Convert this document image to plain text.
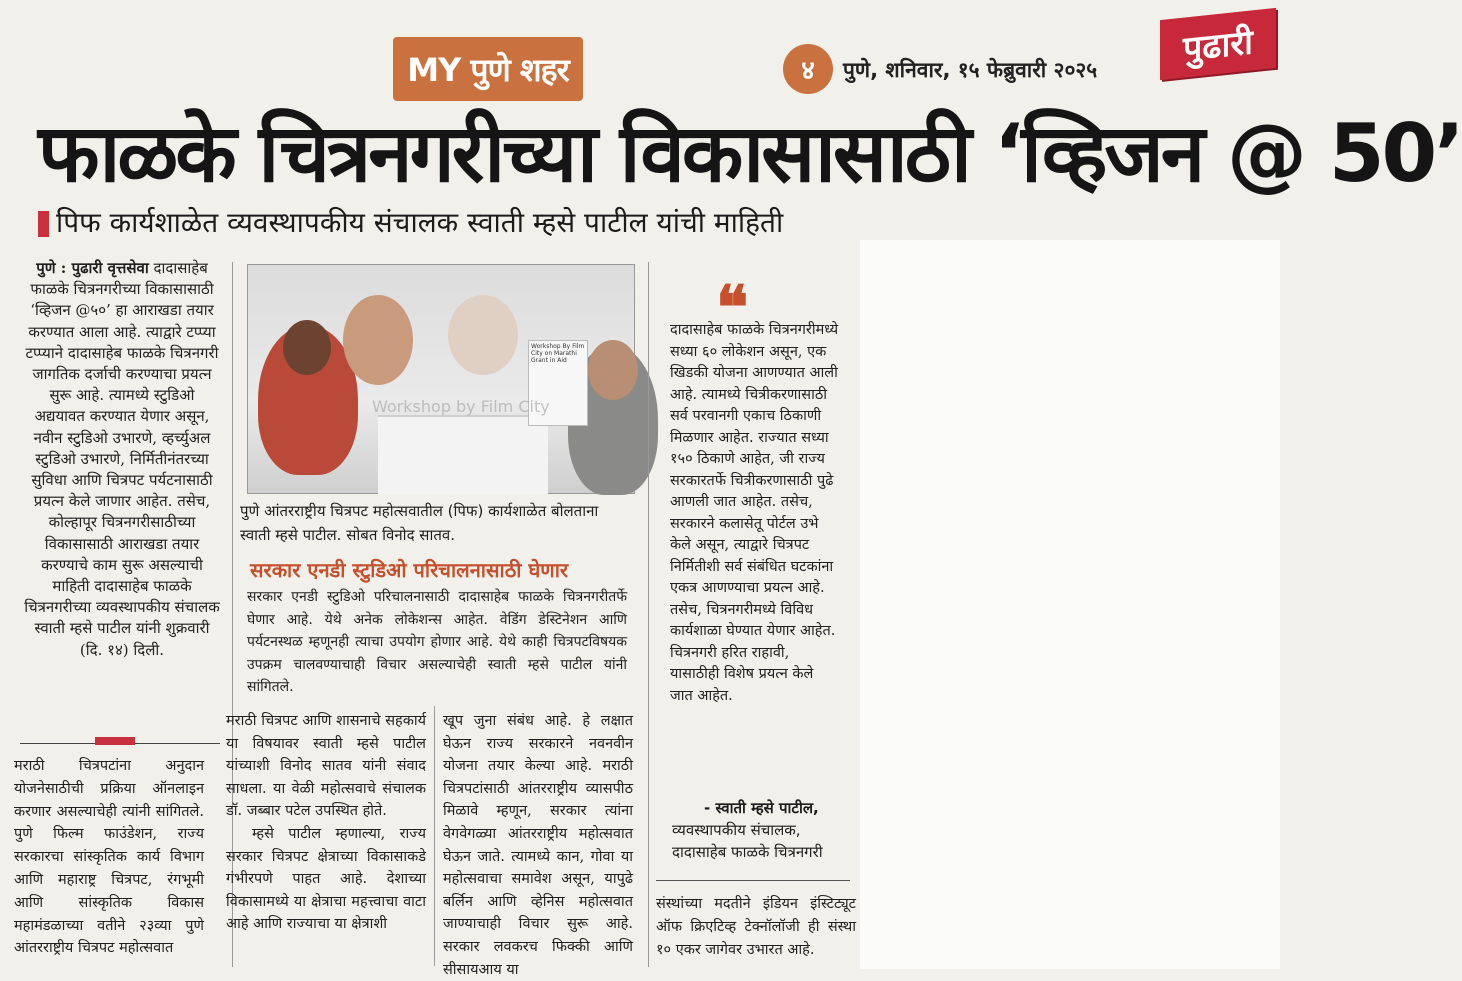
MY पुणे शहर	४	पुणे, शनिवार, १५ फेब्रुवारी २०२५
पुढारी
फाळके चित्रनगरीच्या विकासासाठी ‘व्हिजन @ 50’
पिफ कार्यशाळेत व्यवस्थापकीय संचालक स्वाती म्हसे पाटील यांची माहिती
पुणे : पुढारी वृत्तसेवा दादासाहेब फाळके चित्रनगरीच्या विकासासाठी ‘व्हिजन @५०’ हा आराखडा तयार करण्यात आला आहे. त्याद्वारे टप्प्या टप्प्याने दादासाहेब फाळके चित्रनगरी जागतिक दर्जाची करण्याचा प्रयत्न सुरू आहे. त्यामध्ये स्टुडिओ अद्ययावत करण्यात येणार असून, नवीन स्टुडिओ उभारणे, व्हर्च्युअल स्टुडिओ उभारणे, निर्मितीनंतरच्या सुविधा आणि चित्रपट पर्यटनासाठी प्रयत्न केले जाणार आहेत. तसेच, कोल्हापूर चित्रनगरीसाठीच्या विकासासाठी आराखडा तयार करण्याचे काम सुरू असल्याची माहिती दादासाहेब फाळके चित्रनगरीच्या व्यवस्थापकीय संचालक स्वाती म्हसे पाटील यांनी शुक्रवारी (दि. १४) दिली.
मराठी चित्रपटांना अनुदान योजनेसाठीची प्रक्रिया ऑनलाइन करणार असल्याचेही त्यांनी सांगितले. पुणे फिल्म फाउंडेशन, राज्य सरकारचा सांस्कृतिक कार्य विभाग आणि महाराष्ट्र चित्रपट, रंगभूमी आणि सांस्कृतिक विकास महामंडळाच्या वतीने २३व्या पुणे आंतरराष्ट्रीय चित्रपट महोत्सवात
Workshop By Film City on Marathi Grant in Aid
Workshop by Film City
पुणे आंतरराष्ट्रीय चित्रपट महोत्सवातील (पिफ) कार्यशाळेत बोलताना स्वाती म्हसे पाटील. सोबत विनोद सातव.
सरकार एनडी स्टुडिओ परिचालनासाठी घेणार
सरकार एनडी स्टुडिओ परिचालनासाठी दादासाहेब फाळके चित्रनगरीतर्फे घेणार आहे. येथे अनेक लोकेशन्स आहेत. वेडिंग डेस्टिनेशन आणि पर्यटनस्थळ म्हणूनही त्याचा उपयोग होणार आहे. येथे काही चित्रपटविषयक उपक्रम चालवण्याचाही विचार असल्याचेही स्वाती म्हसे पाटील यांनी सांगितले.
मराठी चित्रपट आणि शासनाचे सहकार्य या विषयावर स्वाती म्हसे पाटील यांच्याशी विनोद सातव यांनी संवाद साधला. या वेळी महोत्सवाचे संचालक डॉ. जब्बार पटेल उपस्थित होते.
म्हसे पाटील म्हणाल्या, राज्य सरकार चित्रपट क्षेत्राच्या विकासाकडे गंभीरपणे पाहत आहे. देशाच्या विकासामध्ये या क्षेत्राचा महत्त्वाचा वाटा आहे आणि राज्याचा या क्षेत्राशी
खूप जुना संबंध आहे. हे लक्षात घेऊन राज्य सरकारने नवनवीन योजना तयार केल्या आहे. मराठी चित्रपटांसाठी आंतरराष्ट्रीय व्यासपीठ मिळावे म्हणून, सरकार त्यांना वेगवेगळ्या आंतरराष्ट्रीय महोत्सवात घेऊन जाते. त्यामध्ये कान, गोवा या महोत्सवाचा समावेश असून, यापुढे बर्लिन आणि व्हेनिस महोत्सवात जाण्याचाही विचार सुरू आहे. सरकार लवकरच फिक्की आणि सीसायआय या
❝
दादासाहेब फाळके चित्रनगरीमध्ये सध्या ६० लोकेशन असून, एक खिडकी योजना आणण्यात आली आहे. त्यामध्ये चित्रीकरणासाठी सर्व परवानगी एकाच ठिकाणी मिळणार आहेत. राज्यात सध्या १५० ठिकाणे आहेत, जी राज्य सरकारतर्फे चित्रीकरणासाठी पुढे आणली जात आहेत. तसेच, सरकारने कलासेतू पोर्टल उभे केले असून, त्याद्वारे चित्रपट निर्मितीशी सर्व संबंधित घटकांना एकत्र आणण्याचा प्रयत्न आहे. तसेच, चित्रनगरीमध्ये विविध कार्यशाळा घेण्यात येणार आहेत. चित्रनगरी हरित राहावी, यासाठीही विशेष प्रयत्न केले जात आहेत.
- स्वाती म्हसे पाटील,
व्यवस्थापकीय संचालक, दादासाहेब फाळके चित्रनगरी
संस्थांच्या मदतीने इंडियन इंस्टिट्यूट ऑफ क्रिएटिव्ह टेक्नॉलॉजी ही संस्था १० एकर जागेवर उभारत आहे.
